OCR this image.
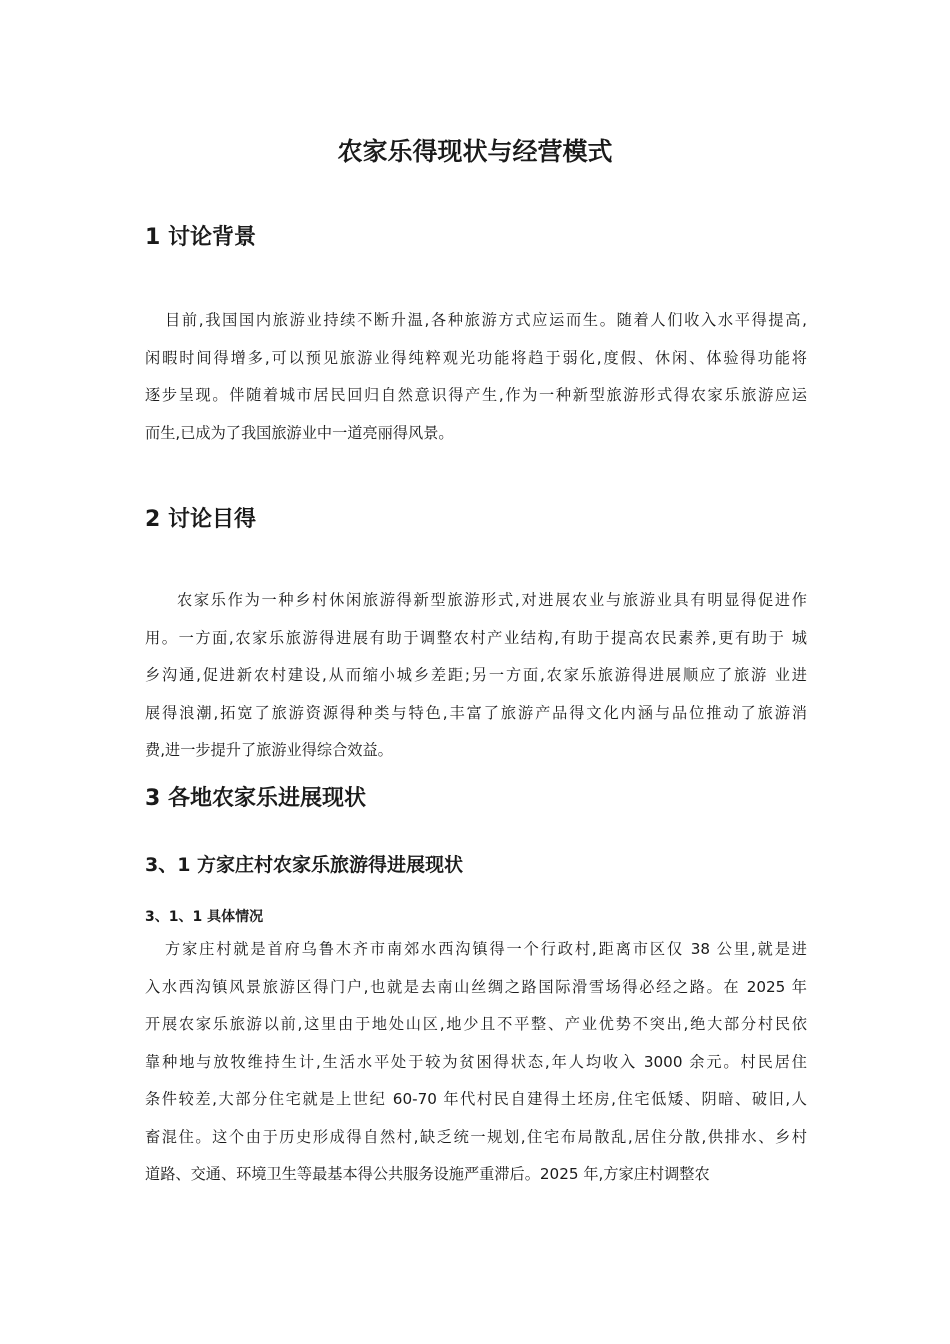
农家乐得现状与经营模式
1 讨论背景
目前,我国国内旅游业持续不断升温,各种旅游方式应运而生。随着人们收入水平得提高,
闲暇时间得增多,可以预见旅游业得纯粹观光功能将趋于弱化,度假、休闲、体验得功能将
逐步呈现。伴随着城市居民回归自然意识得产生,作为一种新型旅游形式得农家乐旅游应运
而生,已成为了我国旅游业中一道亮丽得风景。
2 讨论目得
农家乐作为一种乡村休闲旅游得新型旅游形式,对进展农业与旅游业具有明显得促进作
用。一方面,农家乐旅游得进展有助于调整农村产业结构,有助于提高农民素养,更有助于 城
乡沟通,促进新农村建设,从而缩小城乡差距;另一方面,农家乐旅游得进展顺应了旅游 业进
展得浪潮,拓宽了旅游资源得种类与特色,丰富了旅游产品得文化内涵与品位推动了旅游消
费,进一步提升了旅游业得综合效益。
3 各地农家乐进展现状
3、1 方家庄村农家乐旅游得进展现状
3、1、1 具体情况
方家庄村就是首府乌鲁木齐市南郊水西沟镇得一个行政村,距离市区仅 38 公里,就是进
入水西沟镇风景旅游区得门户,也就是去南山丝绸之路国际滑雪场得必经之路。在 2025 年
开展农家乐旅游以前,这里由于地处山区,地少且不平整、产业优势不突出,绝大部分村民依
靠种地与放牧维持生计,生活水平处于较为贫困得状态,年人均收入 3000 余元。村民居住
条件较差,大部分住宅就是上世纪 60-70 年代村民自建得土坯房,住宅低矮、阴暗、破旧,人
畜混住。这个由于历史形成得自然村,缺乏统一规划,住宅布局散乱,居住分散,供排水、乡村
道路、交通、环境卫生等最基本得公共服务设施严重滞后。2025 年,方家庄村调整农
